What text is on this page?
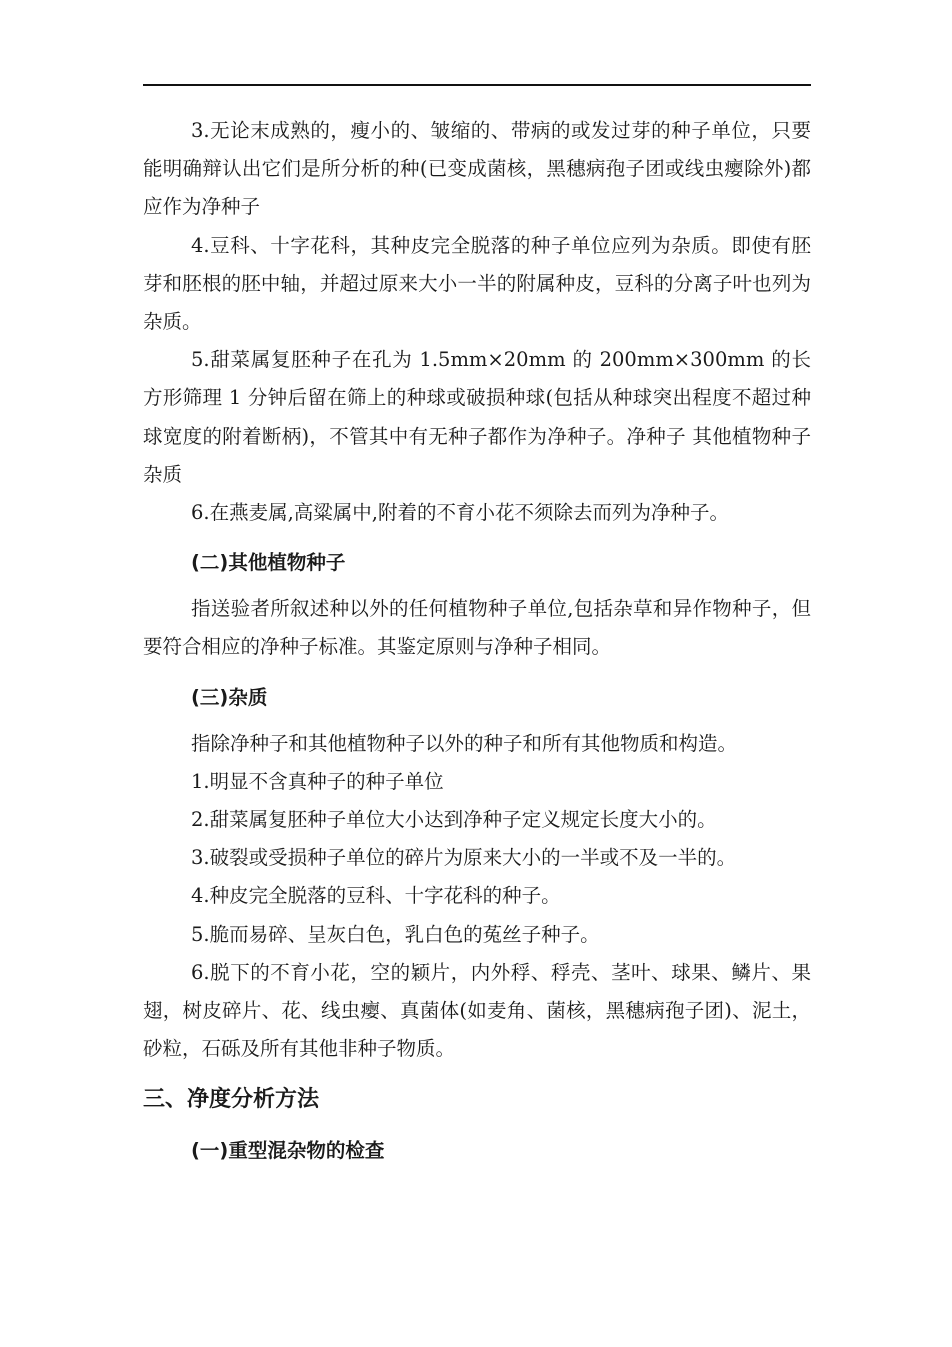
3.无论末成熟的，瘦小的、皱缩的、带病的或发过芽的种子单位，只要能明确辩认出它们是所分析的种(已变成菌核，黑穗病孢子团或线虫瘿除外)都应作为净种子

4.豆科、十字花科，其种皮完全脱落的种子单位应列为杂质。即使有胚芽和胚根的胚中轴，并超过原来大小一半的附属种皮，豆科的分离子叶也列为杂质。

5.甜菜属复胚种子在孔为 1.5mm×20mm 的 200mm×300mm 的长方形筛理 1 分钟后留在筛上的种球或破损种球(包括从种球突出程度不超过种球宽度的附着断柄)，不管其中有无种子都作为净种子。净种子 其他植物种子 杂质

6.在燕麦属,高粱属中,附着的不育小花不须除去而列为净种子。

(二)其他植物种子

指送验者所叙述种以外的任何植物种子单位,包括杂草和异作物种子，但要符合相应的净种子标准。其鉴定原则与净种子相同。

(三)杂质

指除净种子和其他植物种子以外的种子和所有其他物质和构造。

1.明显不含真种子的种子单位

2.甜菜属复胚种子单位大小达到净种子定义规定长度大小的。

3.破裂或受损种子单位的碎片为原来大小的一半或不及一半的。

4.种皮完全脱落的豆科、十字花科的种子。

5.脆而易碎、呈灰白色，乳白色的菟丝子种子。

6.脱下的不育小花，空的颖片，内外稃、稃壳、茎叶、球果、鳞片、果翅，树皮碎片、花、线虫瘿、真菌体(如麦角、菌核，黑穗病孢子团)、泥土，砂粒，石砾及所有其他非种子物质。

三、净度分析方法
(一)重型混杂物的检查
